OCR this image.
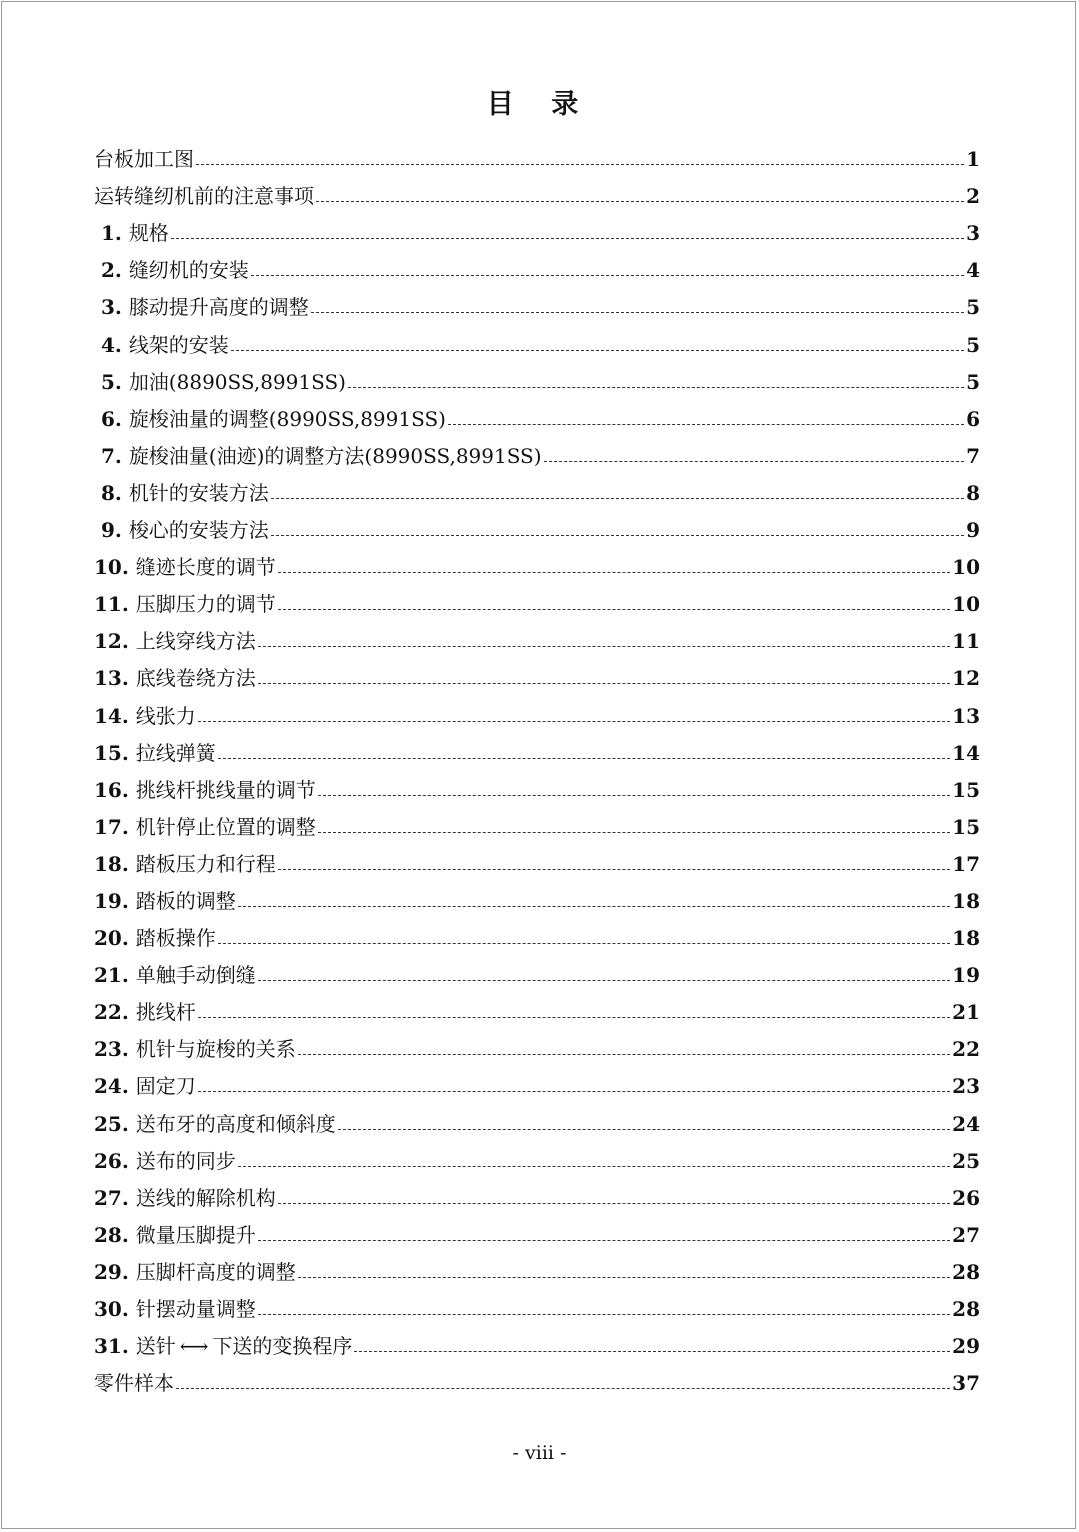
目 录
台板加工图	1
运转缝纫机前的注意事项	2
1. 规格	3
2. 缝纫机的安装	4
3. 膝动提升高度的调整	5
4. 线架的安装	5
5. 加油(8890SS,8991SS)	5
6. 旋梭油量的调整(8990SS,8991SS)	6
7. 旋梭油量(油迹)的调整方法(8990SS,8991SS)	7
8. 机针的安装方法	8
9. 梭心的安装方法	9
10. 缝迹长度的调节	10
11. 压脚压力的调节	10
12. 上线穿线方法	11
13. 底线卷绕方法	12
14. 线张力	13
15. 拉线弹簧	14
16. 挑线杆挑线量的调节	15
17. 机针停止位置的调整	15
18. 踏板压力和行程	17
19. 踏板的调整	18
20. 踏板操作	18
21. 单触手动倒缝	19
22. 挑线杆	21
23. 机针与旋梭的关系	22
24. 固定刀	23
25. 送布牙的高度和倾斜度	24
26. 送布的同步	25
27. 送线的解除机构	26
28. 微量压脚提升	27
29. 压脚杆高度的调整	28
30. 针摆动量调整	28
31. 送针 ⟷ 下送的变换程序	29
零件样本	37
- viii -
